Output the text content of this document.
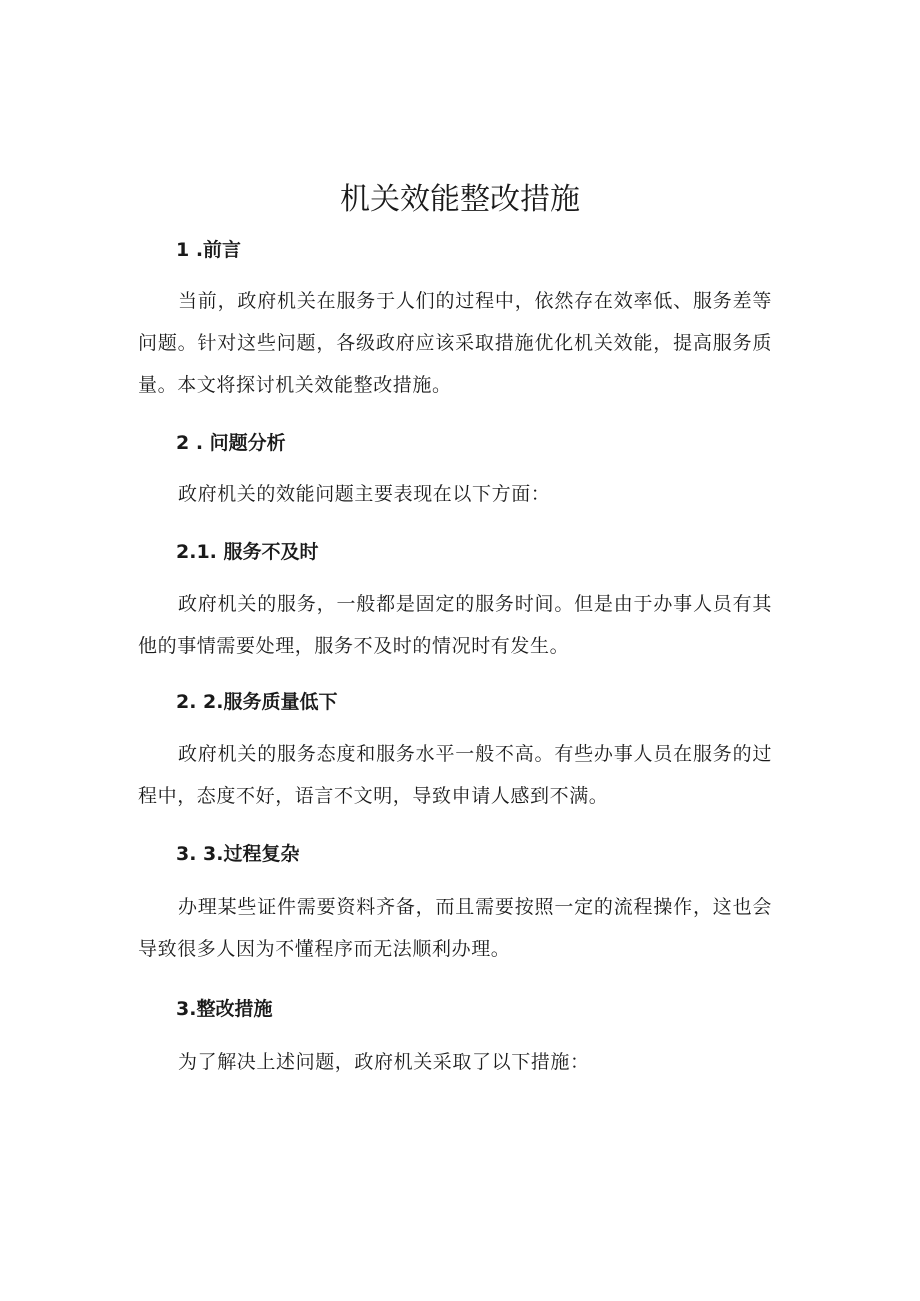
机关效能整改措施
1 .前言

当前，政府机关在服务于人们的过程中，依然存在效率低、服务差等问题。针对这些问题，各级政府应该采取措施优化机关效能，提高服务质量。本文将探讨机关效能整改措施。

2 . 问题分析

政府机关的效能问题主要表现在以下方面：

2.1. 服务不及时

政府机关的服务，一般都是固定的服务时间。但是由于办事人员有其他的事情需要处理，服务不及时的情况时有发生。

2. 2.服务质量低下

政府机关的服务态度和服务水平一般不高。有些办事人员在服务的过程中，态度不好，语言不文明，导致申请人感到不满。

3. 3.过程复杂

办理某些证件需要资料齐备，而且需要按照一定的流程操作，这也会导致很多人因为不懂程序而无法顺利办理。

3.整改措施

为了解决上述问题，政府机关采取了以下措施：
